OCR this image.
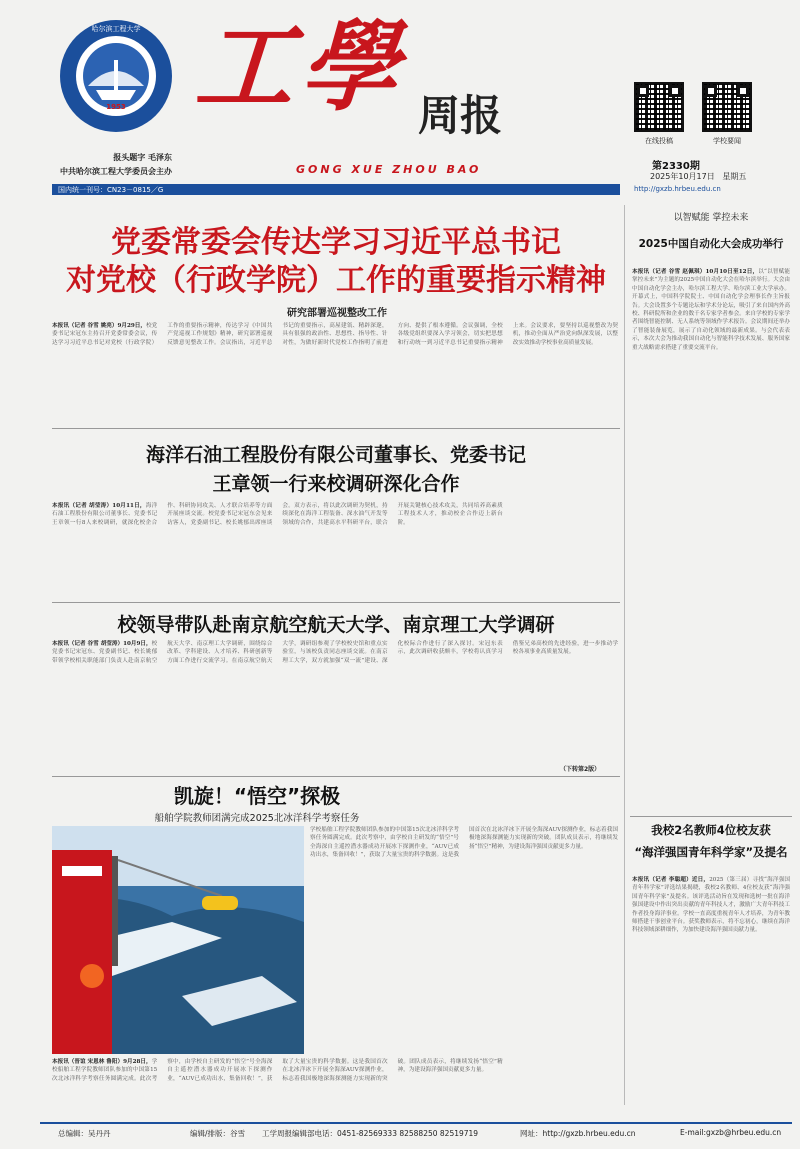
1953
哈尔滨工程大学
报头题字 毛泽东
中共哈尔滨工程大学委员会主办
工學 周报
GONG XUE ZHOU BAO
在线投稿	学校要闻
第2330期
2025年10月17日   星期五
国内统一刊号：CN23－0815／G	http://gxzb.hrbeu.edu.cn
党委常委会传达学习习近平总书记
对党校（行政学院）工作的重要指示精神
研究部署巡视整改工作
本报讯（记者 谷雪 姚亮）9月29日，校党委书记宋冠东主持召开党委常委会议，传达学习习近平总书记对党校（行政学院）工作的重要指示精神，传达学习《中国共产党巡视工作规划》精神，研究部署巡视反馈意见整改工作。会议指出，习近平总书记的重要指示，高屋建瓴、精辟深邃，具有很强的政治性、思想性、指导性、针对性，为做好新时代党校工作指明了前进方向、提供了根本遵循。会议强调，全校各级党组织要深入学习领会，切实把思想和行动统一到习近平总书记重要指示精神上来。会议要求，要坚持以巡视整改为契机，推动全面从严治党向纵深发展，以整改实效推动学校事业高质量发展。
以智赋能 掌控未来
2025中国自动化大会成功举行
本报讯（记者 谷雪 赵佩琪）10月10日至12日，以“以智赋能 掌控未来”为主题的2025中国自动化大会在哈尔滨举行。大会由中国自动化学会主办，哈尔滨工程大学、哈尔滨工业大学承办。开幕式上，中国科学院院士、中国自动化学会理事长作主旨报告。大会设置多个专题论坛和学术分论坛，吸引了来自国内外高校、科研院所和企业的数千名专家学者参会。来自学校的专家学者围绕智能控制、无人系统等领域作学术报告。会议期间还举办了智能装备展览，展示了自动化领域的最新成果。与会代表表示，本次大会为推动我国自动化与智能科学技术发展、服务国家重大战略需求搭建了重要交流平台。
海洋石油工程股份有限公司董事长、党委书记
王章领一行来校调研深化合作
本报讯（记者 胡莹涛）10月11日，海洋石油工程股份有限公司董事长、党委书记王章领一行8人来校调研，就深化校企合作、科研协同攻关、人才联合培养等方面开展座谈交流。校党委书记宋冠东会见来访客人，党委副书记、校长姚郁出席座谈会。双方表示，将以此次调研为契机，持续深化在海洋工程装备、深水油气开发等领域的合作，共建高水平科研平台，联合开展关键核心技术攻关，共同培养高素质工程技术人才，推动校企合作迈上新台阶。
校领导带队赴南京航空航天大学、南京理工大学调研
本报讯（记者 谷雪 胡莹涛）10月9日，校党委书记宋冠东、党委副书记、校长姚郁带领学校相关职能部门负责人赴南京航空航天大学、南京理工大学调研，围绕综合改革、学科建设、人才培养、科研创新等方面工作进行交流学习。在南京航空航天大学，调研组参观了学校校史馆和重点实验室，与该校负责同志座谈交流。在南京理工大学，双方就加强“双一流”建设、深化校际合作进行了深入探讨。宋冠东表示，此次调研收获颇丰，学校将认真学习借鉴兄弟高校的先进经验，进一步推动学校各项事业高质量发展。
（下转第2版）
凯旋！“悟空”探极
船舶学院教师团满完成2025北冰洋科学考察任务
学校船舶工程学院教师团队参加的中国第15次北冰洋科学考察任务圆满完成。此次考察中，由学校自主研发的“悟空”号全海深自主遥控潜水器成功开展冰下探测作业，“AUV已成功出水，集备回收！”，获取了大量宝贵的科学数据。这是我国首次在北冰洋冰下开展全海深AUV探测作业，标志着我国极地深海探测能力实现新的突破。团队成员表示，将继续发扬“悟空”精神，为建设海洋强国贡献更多力量。
本报讯（晋谊 宋恩林 鲁阳）9月28日，学校船舶工程学院教师团队参加的中国第15次北冰洋科学考察任务圆满完成。此次考察中，由学校自主研发的“悟空”号全海深自主遥控潜水器成功开展冰下探测作业，“AUV已成功出水，集备回收！”，获取了大量宝贵的科学数据。这是我国首次在北冰洋冰下开展全海深AUV探测作业，标志着我国极地深海探测能力实现新的突破。团队成员表示，将继续发扬“悟空”精神，为建设海洋强国贡献更多力量。
我校2名教师4位校友获
“海洋强国青年科学家”及提名
本报讯（记者 李聪超）近日，2025（第三届）寻找“海洋强国青年科学家”评选结果揭晓，我校2名教师、4位校友获“海洋强国青年科学家”及提名。该评选活动旨在发现和选树一批在海洋强国建设中作出突出贡献的青年科技人才，激励广大青年科技工作者投身海洋事业。学校一直高度重视青年人才培养，为青年教师搭建干事创业平台。获奖教师表示，将不忘初心，继续在海洋科技领域深耕细作，为加快建设海洋强国贡献力量。
总编辑：吴丹丹	编辑/排版：谷雪 工学周报编辑部电话：0451-82569333 82588250 82519719	网址：http://gxzb.hrbeu.edu.cn	E-mail:gxzb@hrbeu.edu.cn
